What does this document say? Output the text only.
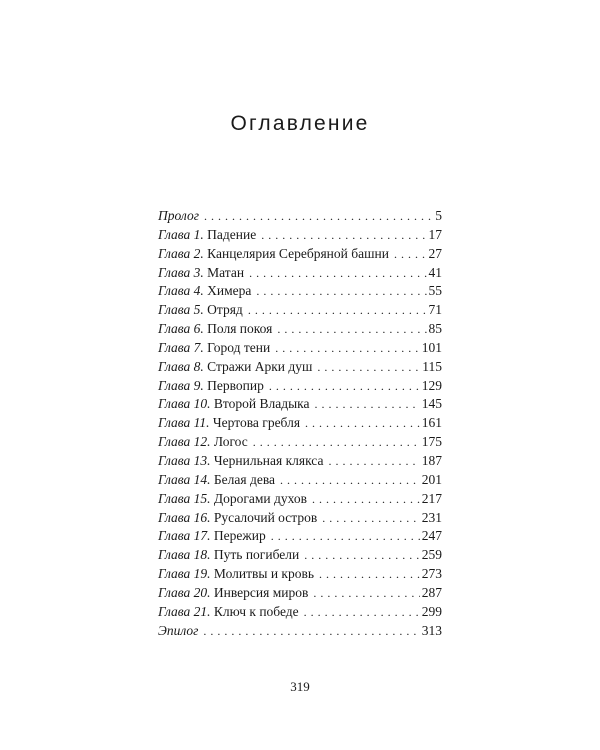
Оглавление
Пролог . . .	5
Глава 1. Падение . . .	17
Глава 2. Канцелярия Серебряной башни . . .	27
Глава 3. Матан . . .	41
Глава 4. Химера . . .	55
Глава 5. Отряд . . .	71
Глава 6. Поля покоя . . .	85
Глава 7. Город тени . . .	101
Глава 8. Стражи Арки душ . . .	115
Глава 9. Первопир . . .	129
Глава 10. Второй Владыка . . .	145
Глава 11. Чертова гребля . . .	161
Глава 12. Логос . . .	175
Глава 13. Чернильная клякса . . .	187
Глава 14. Белая дева . . .	201
Глава 15. Дорогами духов . . .	217
Глава 16. Русалочий остров . . .	231
Глава 17. Пережир . . .	247
Глава 18. Путь погибели . . .	259
Глава 19. Молитвы и кровь . . .	273
Глава 20. Инверсия миров . . .	287
Глава 21. Ключ к победе . . .	299
Эпилог . . .	313
319
